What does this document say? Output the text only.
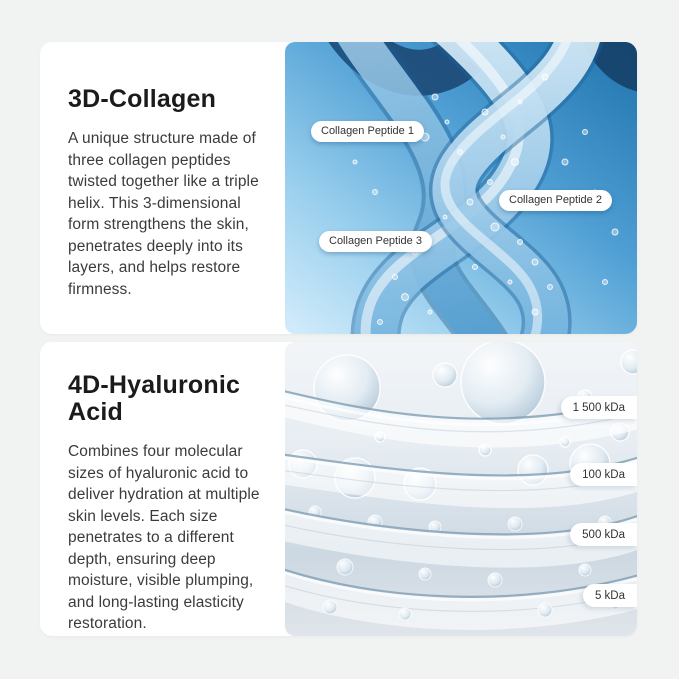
3D-Collagen
A unique structure made of
three collagen peptides
twisted together like a triple
helix. This 3-dimensional
form strengthens the skin,
penetrates deeply into its
layers, and helps restore
firmness.
Collagen Peptide 1
Collagen Peptide 2
Collagen Peptide 3
4D-Hyaluronic Acid
Combines four molecular
sizes of hyaluronic acid to
deliver hydration at multiple
skin levels. Each size
penetrates to a different
depth, ensuring deep
moisture, visible plumping,
and long-lasting elasticity
restoration.
1 500 kDa
100 kDa
500 kDa
5 kDa
